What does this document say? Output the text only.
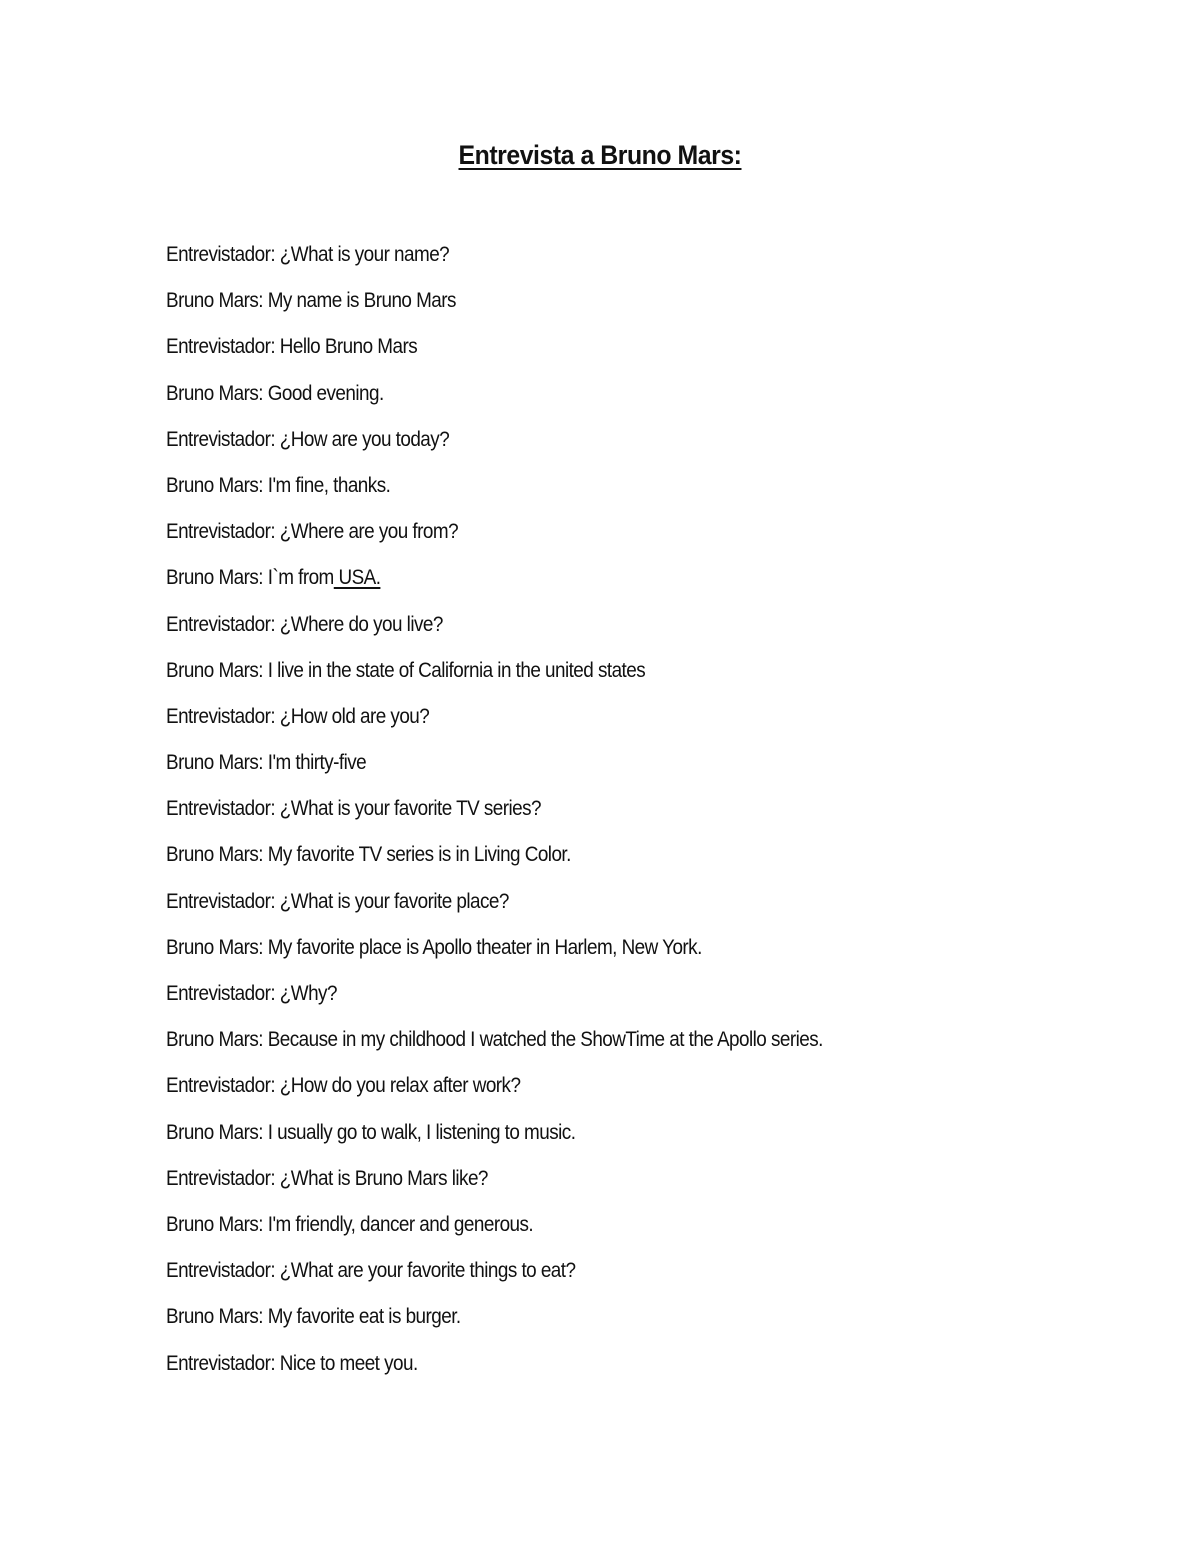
Entrevista a Bruno Mars:
Entrevistador: ¿What is your name?
Bruno Mars: My name is Bruno Mars
Entrevistador: Hello Bruno Mars
Bruno Mars: Good evening.
Entrevistador: ¿How are you today?
Bruno Mars: I'm fine, thanks.
Entrevistador: ¿Where are you from?
Bruno Mars: I`m from USA.
Entrevistador: ¿Where do you live?
Bruno Mars: I live in the state of California in the united states
Entrevistador: ¿How old are you?
Bruno Mars: I'm thirty-five
Entrevistador: ¿What is your favorite TV series?
Bruno Mars: My favorite TV series is in Living Color.
Entrevistador: ¿What is your favorite place?
Bruno Mars: My favorite place is Apollo theater in Harlem, New York.
Entrevistador: ¿Why?
Bruno Mars: Because in my childhood I watched the ShowTime at the Apollo series.
Entrevistador: ¿How do you relax after work?
Bruno Mars: I usually go to walk, I listening to music.
Entrevistador: ¿What is Bruno Mars like?
Bruno Mars: I'm friendly, dancer and generous.
Entrevistador: ¿What are your favorite things to eat?
Bruno Mars: My favorite eat is burger.
Entrevistador: Nice to meet you.
